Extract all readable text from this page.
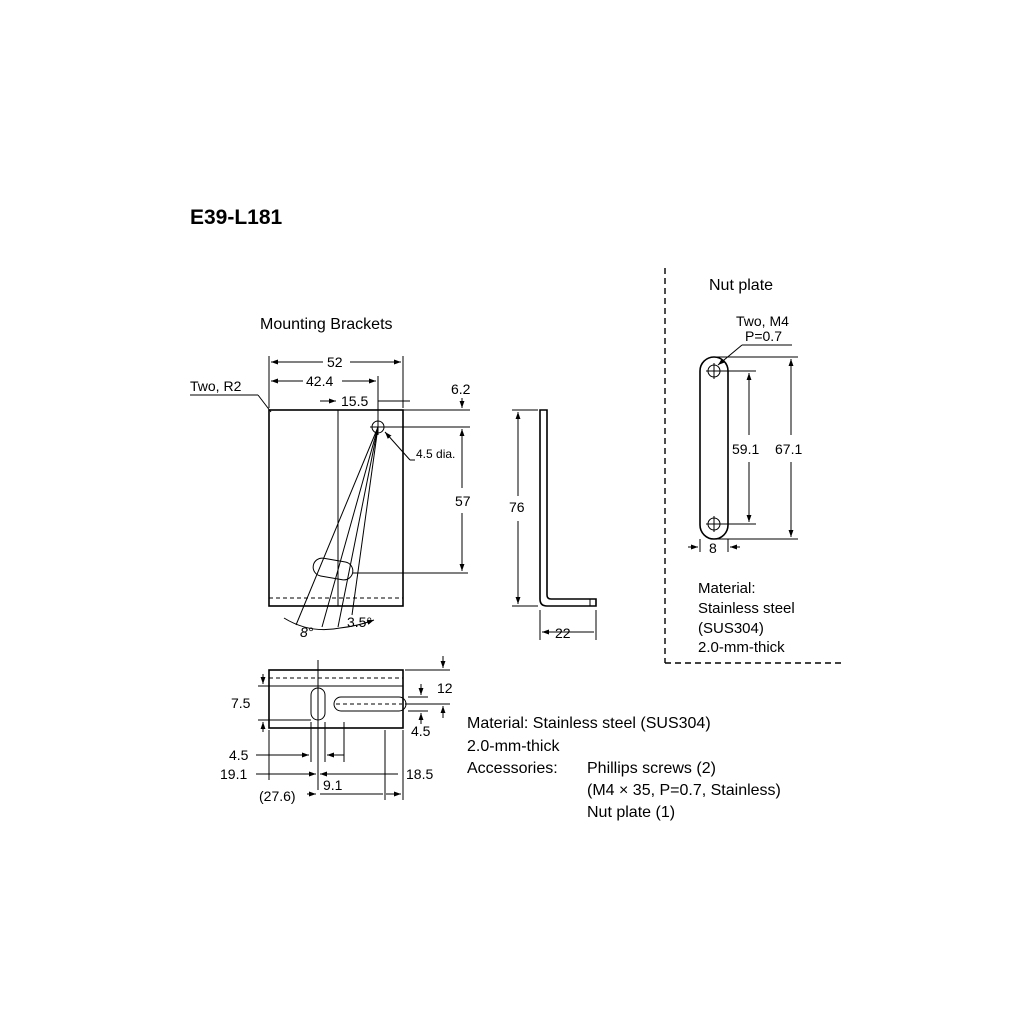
E39-L181
Mounting Brackets
Two, R2
52
42.4
15.5
6.2
4.5 dia.
57
8°
3.5°
76
22
12
4.5
7.5
4.5
19.1	18.5
9.1
(27.6)
Material: Stainless steel (SUS304)
2.0-mm-thick
Accessories: Phillips screws (2)
(M4 × 35, P=0.7, Stainless)
Nut plate (1)
Nut plate
Two, M4
P=0.7
59.1 67.1
8
Material:
Stainless steel
(SUS304)
2.0-mm-thick
